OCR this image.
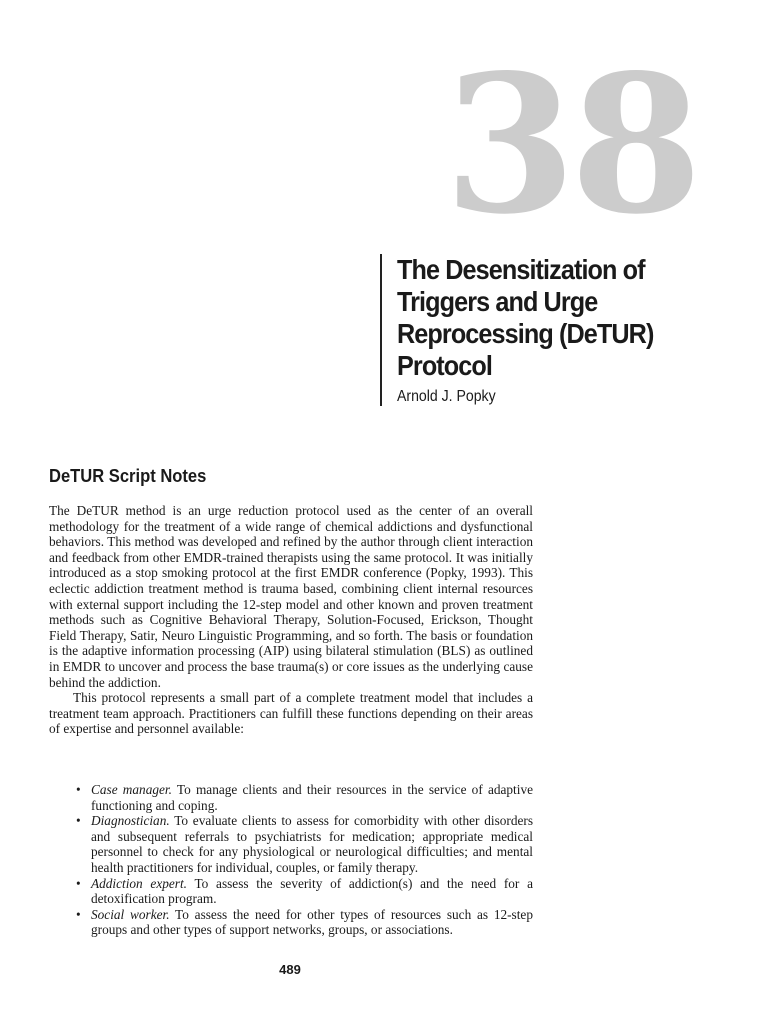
38
The Desensitization of Triggers and Urge Reprocessing (DeTUR) Protocol
Arnold J. Popky
DeTUR Script Notes

The DeTUR method is an urge reduction protocol used as the center of an overall methodology for the treatment of a wide range of chemical addictions and dysfunctional behaviors. This method was developed and refined by the author through client interaction and feedback from other EMDR-trained therapists using the same protocol. It was initially introduced as a stop smoking protocol at the first EMDR conference (Popky, 1993). This eclectic addiction treatment method is trauma based, combining client internal resources with external support including the 12-step model and other known and proven treatment methods such as Cognitive Behavioral Therapy, Solution-Focused, Erickson, Thought Field Therapy, Satir, Neuro Linguistic Programming, and so forth. The basis or foundation is the adaptive information processing (AIP) using bilateral stimulation (BLS) as outlined in EMDR to uncover and process the base trauma(s) or core issues as the underlying cause behind the addiction.

This protocol represents a small part of a complete treatment model that includes a treatment team approach. Practitioners can fulfill these functions depending on their areas of expertise and personnel available:

• Case manager. To manage clients and their resources in the service of adaptive functioning and coping.
• Diagnostician. To evaluate clients to assess for comorbidity with other disorders and subsequent referrals to psychiatrists for medication; appropriate medical personnel to check for any physiological or neurological difficulties; and mental health practitioners for individual, couples, or family therapy.
• Addiction expert. To assess the severity of addiction(s) and the need for a detoxification program.
• Social worker. To assess the need for other types of resources such as 12-step groups and other types of support networks, groups, or associations.
489
